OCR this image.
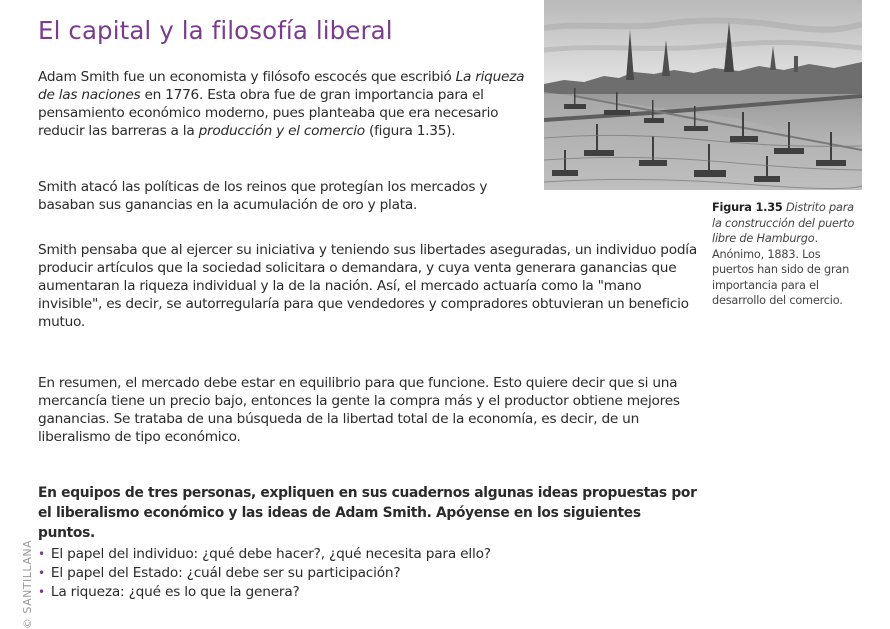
El capital y la filosofía liberal

Adam Smith fue un economista y filósofo escocés que escribió La riqueza de las naciones en 1776. Esta obra fue de gran importancia para el pensamiento económico moderno, pues planteaba que era necesario reducir las barreras a la producción y el comercio (figura 1.35).

Smith atacó las políticas de los reinos que protegían los mercados y basaban sus ganancias en la acumulación de oro y plata.

Smith pensaba que al ejercer su iniciativa y teniendo sus libertades aseguradas, un individuo podía producir artículos que la sociedad solicitara o demandara, y cuya venta generara ganancias que aumentaran la riqueza individual y la de la nación. Así, el mercado actuaría como la "mano invisible", es decir, se autorregularía para que vendedores y compradores obtuvieran un beneficio mutuo.

En resumen, el mercado debe estar en equilibrio para que funcione. Esto quiere decir que si una mercancía tiene un precio bajo, entonces la gente la compra más y el productor obtiene mejores ganancias. Se trataba de una búsqueda de la libertad total de la economía, es decir, de un liberalismo de tipo económico.

En equipos de tres personas, expliquen en sus cuadernos algunas ideas propuestas por el liberalismo económico y las ideas de Adam Smith. Apóyense en los siguientes puntos.

• El papel del individuo: ¿qué debe hacer?, ¿qué necesita para ello?
• El papel del Estado: ¿cuál debe ser su participación?
• La riqueza: ¿qué es lo que la genera?

Figura 1.35 Distrito para la construcción del puerto libre de Hamburgo. Anónimo, 1883. Los puertos han sido de gran importancia para el desarrollo del comercio.

© SANTILLANA
